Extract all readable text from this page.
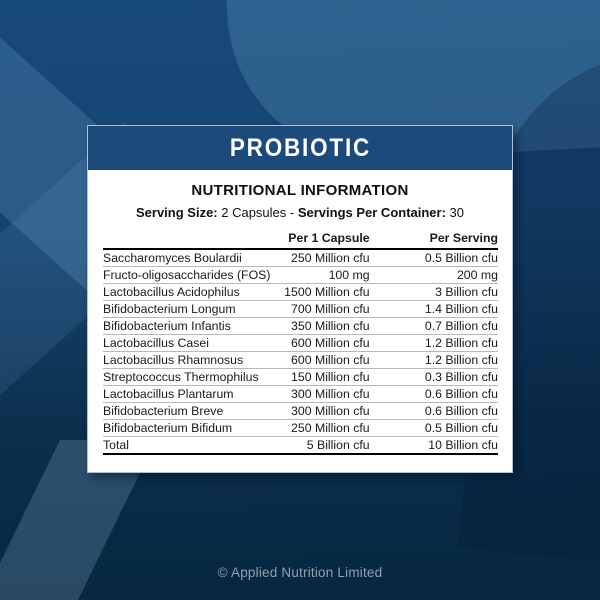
PROBIOTIC
NUTRITIONAL INFORMATION
Serving Size: 2 Capsules - Servings Per Container: 30
	Per 1 Capsule	Per Serving
Saccharomyces Boulardii	250 Million cfu	0.5 Billion cfu
Fructo-oligosaccharides (FOS)	100 mg	200 mg
Lactobacillus Acidophilus	1500 Million cfu	3 Billion cfu
Bifidobacterium Longum	700 Million cfu	1.4 Billion cfu
Bifidobacterium Infantis	350 Million cfu	0.7 Billion cfu
Lactobacillus Casei	600 Million cfu	1.2 Billion cfu
Lactobacillus Rhamnosus	600 Million cfu	1.2 Billion cfu
Streptococcus Thermophilus	150 Million cfu	0.3 Billion cfu
Lactobacillus Plantarum	300 Million cfu	0.6 Billion cfu
Bifidobacterium Breve	300 Million cfu	0.6 Billion cfu
Bifidobacterium Bifidum	250 Million cfu	0.5 Billion cfu
Total	5 Billion cfu	10 Billion cfu
© Applied Nutrition Limited
